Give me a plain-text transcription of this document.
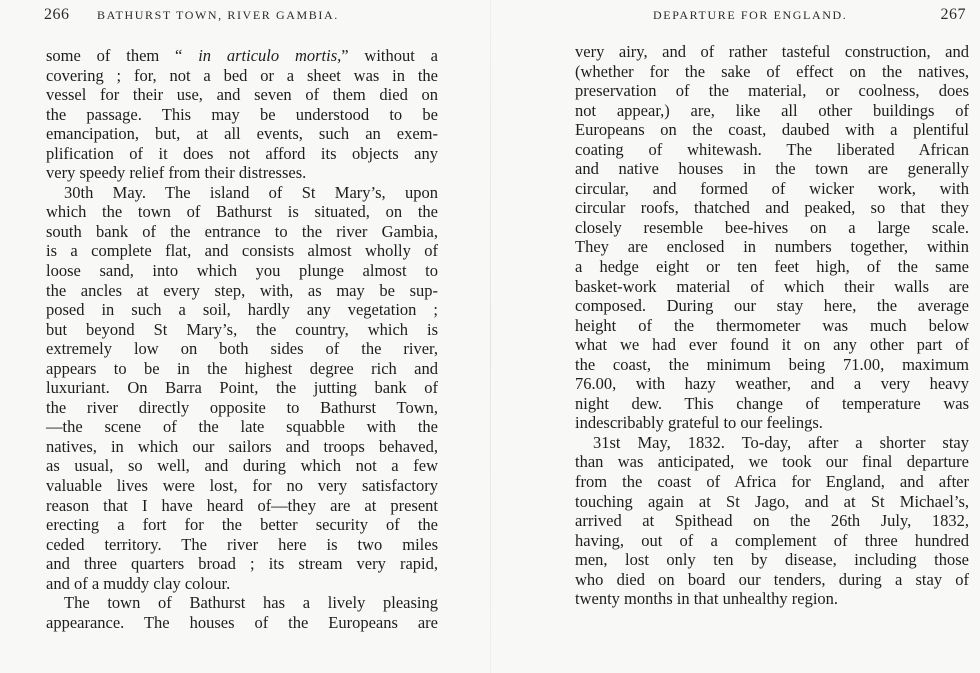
266 BATHURST TOWN, RIVER GAMBIA.
some of them “ in articulo mortis,” without a
covering ; for, not a bed or a sheet was in the
vessel for their use, and seven of them died on
the passage. This may be understood to be
emancipation, but, at all events, such an exem-
plification of it does not afford its objects any
very speedy relief from their distresses.
30th May. The island of St Mary’s, upon
which the town of Bathurst is situated, on the
south bank of the entrance to the river Gambia,
is a complete flat, and consists almost wholly of
loose sand, into which you plunge almost to
the ancles at every step, with, as may be sup-
posed in such a soil, hardly any vegetation ;
but beyond St Mary’s, the country, which is
extremely low on both sides of the river,
appears to be in the highest degree rich and
luxuriant. On Barra Point, the jutting bank of
the river directly opposite to Bathurst Town,
—the scene of the late squabble with the
natives, in which our sailors and troops behaved,
as usual, so well, and during which not a few
valuable lives were lost, for no very satisfactory
reason that I have heard of—they are at present
erecting a fort for the better security of the
ceded territory. The river here is two miles
and three quarters broad ; its stream very rapid,
and of a muddy clay colour.
The town of Bathurst has a lively pleasing
appearance. The houses of the Europeans are
DEPARTURE FOR ENGLAND.	267
very airy, and of rather tasteful construction, and
(whether for the sake of effect on the natives,
preservation of the material, or coolness, does
not appear,) are, like all other buildings of
Europeans on the coast, daubed with a plentiful
coating of whitewash. The liberated African
and native houses in the town are generally
circular, and formed of wicker work, with
circular roofs, thatched and peaked, so that they
closely resemble bee-hives on a large scale.
They are enclosed in numbers together, within
a hedge eight or ten feet high, of the same
basket-work material of which their walls are
composed. During our stay here, the average
height of the thermometer was much below
what we had ever found it on any other part of
the coast, the minimum being 71.00, maximum
76.00, with hazy weather, and a very heavy
night dew. This change of temperature was
indescribably grateful to our feelings.
31st May, 1832. To-day, after a shorter stay
than was anticipated, we took our final departure
from the coast of Africa for England, and after
touching again at St Jago, and at St Michael’s,
arrived at Spithead on the 26th July, 1832,
having, out of a complement of three hundred
men, lost only ten by disease, including those
who died on board our tenders, during a stay of
twenty months in that unhealthy region.
